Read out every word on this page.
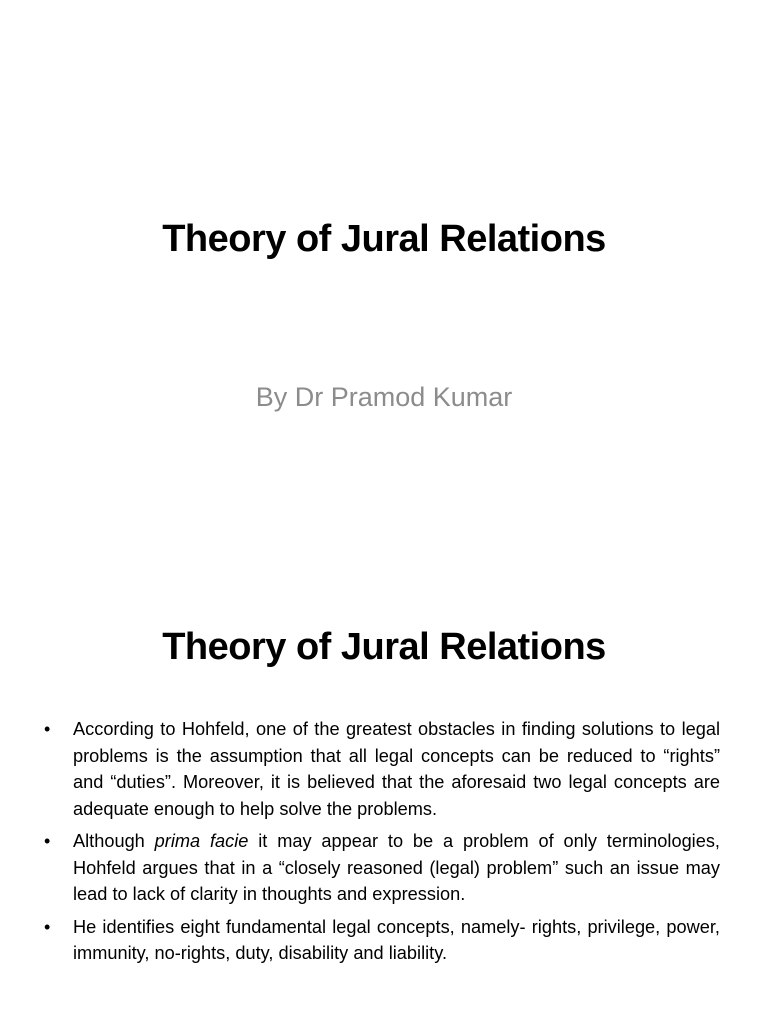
Theory of Jural Relations

By Dr Pramod Kumar

Theory of Jural Relations
• According to Hohfeld, one of the greatest obstacles in finding solutions to legal problems is the assumption that all legal concepts can be reduced to “rights” and “duties”. Moreover, it is believed that the aforesaid two legal concepts are adequate enough to help solve the problems.
• Although prima facie it may appear to be a problem of only terminologies, Hohfeld argues that in a “closely reasoned (legal) problem” such an issue may lead to lack of clarity in thoughts and expression.
• He identifies eight fundamental legal concepts, namely- rights, privilege, power, immunity, no-rights, duty, disability and liability.
